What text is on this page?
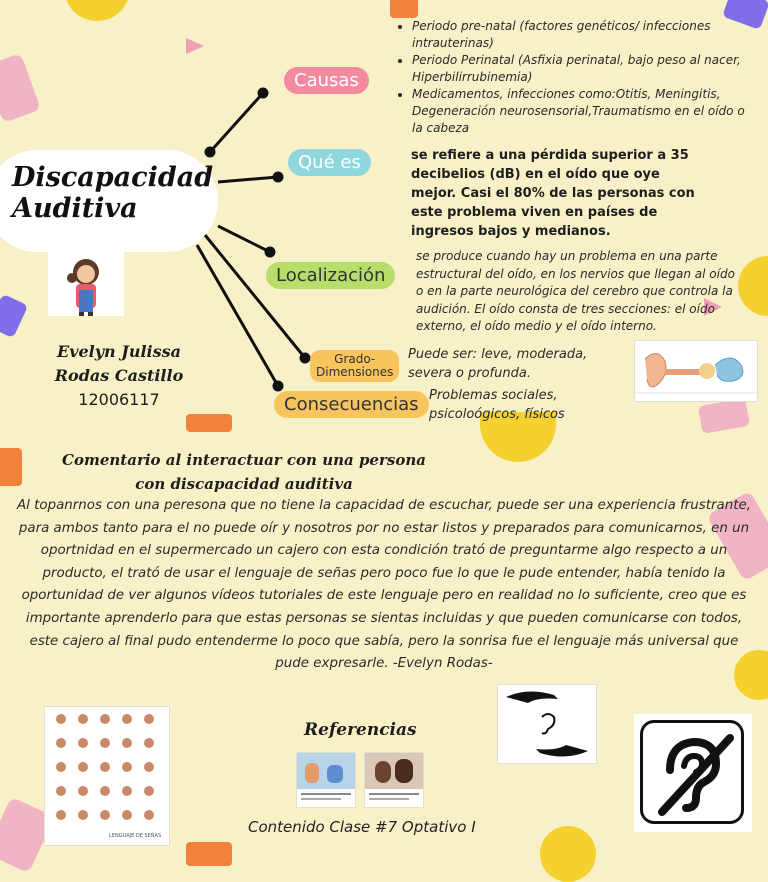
Discapacidad Auditiva
Evelyn Julissa
Rodas Castillo
12006117
Causas
Qué es
Localización
Grado-
Dimensiones
Consecuencias
• Periodo pre-natal (factores genéticos/ infecciones intrauterinas)
• Periodo Perinatal (Asfixia perinatal, bajo peso al nacer, Hiperbilirrubinemia)
• Medicamentos, infecciones como:Otitis, Meningitis, Degeneración neurosensorial,Traumatismo en el oído o la cabeza
se refiere a una pérdida superior a 35 decibelios (dB) en el oído que oye mejor. Casi el 80% de las personas con este problema viven en países de ingresos bajos y medianos.
se produce cuando hay un problema en una parte estructural del oído, en los nervios que llegan al oído o en la parte neurológica del cerebro que controla la audición. El oído consta de tres secciones: el oído externo, el oído medio y el oído interno.
Puede ser: leve, moderada, severa o profunda.
Problemas sociales, psicoloógicos, físicos
Comentario al interactuar con una persona con discapacidad auditiva
Al topanrnos con una peresona que no tiene la capacidad de escuchar, puede ser una experiencia frustrante, para ambos tanto para el no puede oír y nosotros por no estar listos y preparados para comunicarnos, en un oportnidad en el supermercado un cajero con esta condición trató de preguntarme algo respecto a un producto, el trató de usar el lenguaje de señas pero poco fue lo que le pude entender, había tenido la oportunidad de ver algunos vídeos tutoriales de este lenguaje pero en realidad no lo suficiente, creo que es importante aprenderlo para que estas personas se sientas incluidas y que pueden comunicarse con todos, este cajero al final pudo entenderme lo poco que sabía, pero la sonrisa fue el lenguaje más universal que pude expresarle. -Evelyn Rodas-
LENGUAJE DE SEÑAS
Referencias
Contenido Clase #7 Optativo I
